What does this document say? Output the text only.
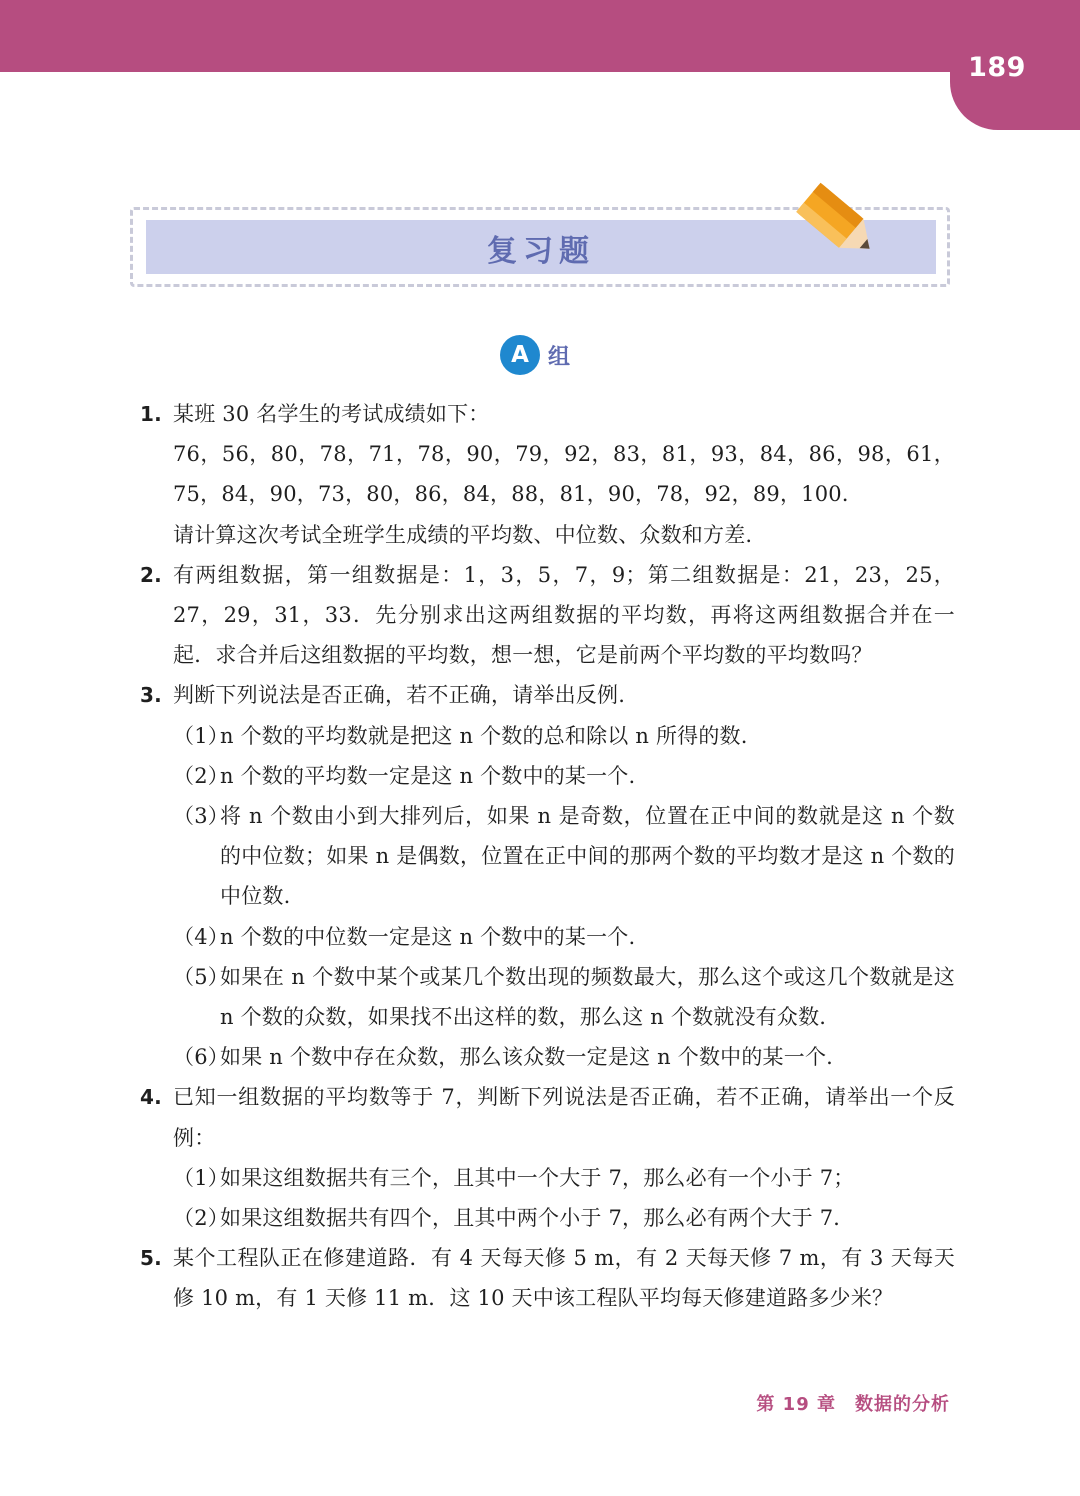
189
复习题
A 组
1. 某班 30 名学生的考试成绩如下：
76，56，80，78，71，78，90，79，92，83，81，93，84，86，98，61，75，84，90，73，80，86，84，88，81，90，78，92，89，100．
请计算这次考试全班学生成绩的平均数、中位数、众数和方差.
2. 有两组数据，第一组数据是：1，3，5，7，9；第二组数据是：21，23，25，27，29，31，33．先分别求出这两组数据的平均数，再将这两组数据合并在一起．求合并后这组数据的平均数，想一想，它是前两个平均数的平均数吗？
3. 判断下列说法是否正确，若不正确，请举出反例.
（1）
n 个数的平均数就是把这 n 个数的总和除以 n 所得的数.
（2）
n 个数的平均数一定是这 n 个数中的某一个.
（3）
将 n 个数由小到大排列后，如果 n 是奇数，位置在正中间的数就是这 n 个数的中位数；如果 n 是偶数，位置在正中间的那两个数的平均数才是这 n 个数的中位数.
（4）
n 个数的中位数一定是这 n 个数中的某一个.
（5）
如果在 n 个数中某个或某几个数出现的频数最大，那么这个或这几个数就是这 n 个数的众数，如果找不出这样的数，那么这 n 个数就没有众数.
（6）
如果 n 个数中存在众数，那么该众数一定是这 n 个数中的某一个.
4. 已知一组数据的平均数等于 7，判断下列说法是否正确，若不正确，请举出一个反例：
（1）
如果这组数据共有三个，且其中一个大于 7，那么必有一个小于 7；
（2）
如果这组数据共有四个，且其中两个小于 7，那么必有两个大于 7．
5. 某个工程队正在修建道路．有 4 天每天修 5 m，有 2 天每天修 7 m，有 3 天每天修 10 m，有 1 天修 11 m．这 10 天中该工程队平均每天修建道路多少米？
第 19 章　数据的分析
